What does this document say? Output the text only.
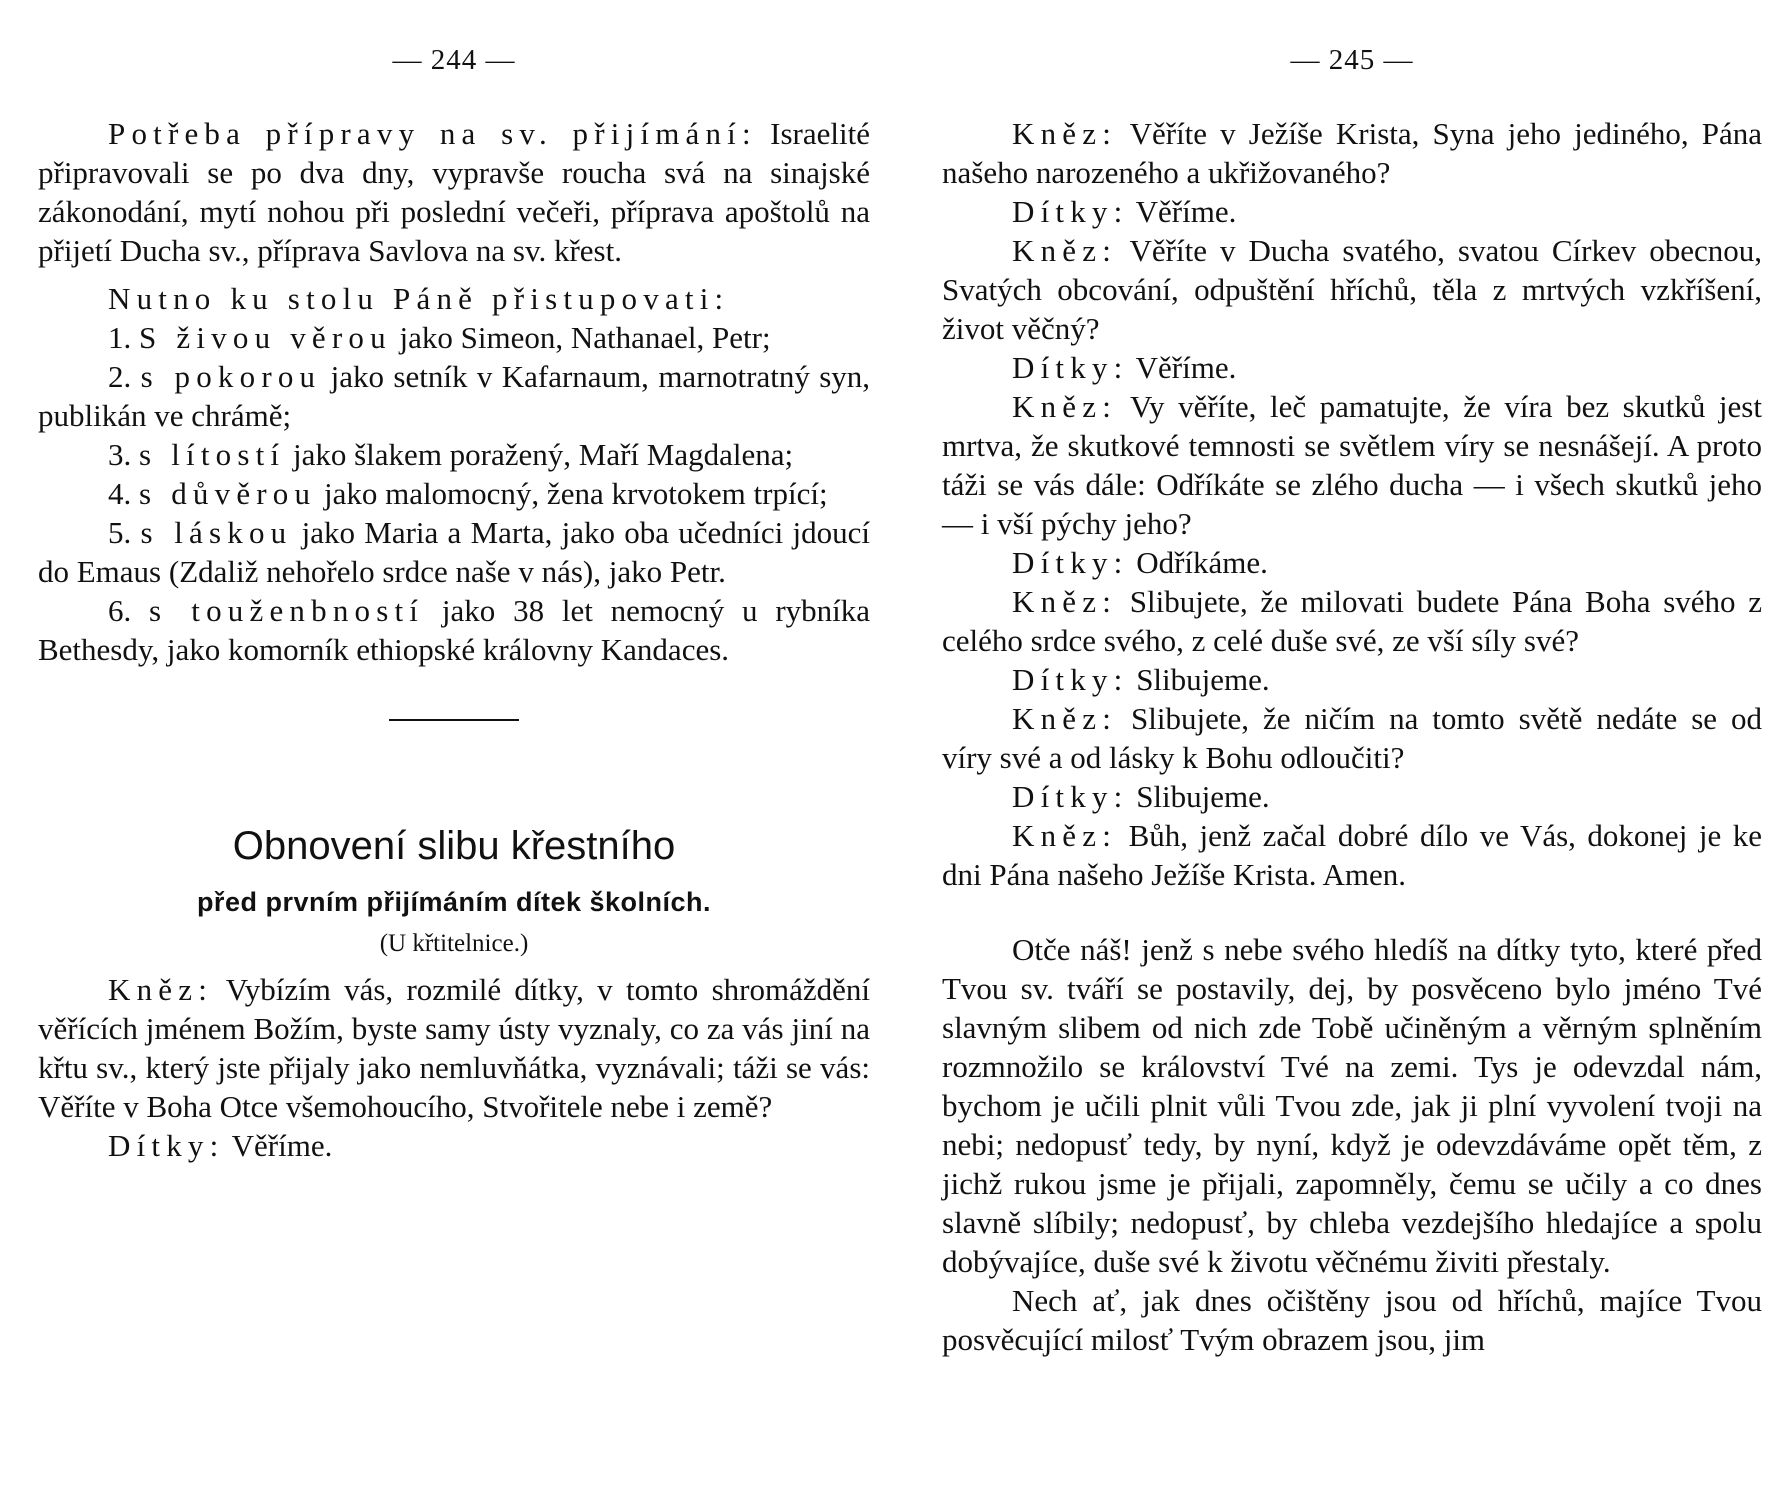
— 244 —

Potřeba přípravy na sv. přijímání: Israelité připravovali se po dva dny, vypravše roucha svá na sinajské zákonodání, mytí nohou při poslední večeři, příprava apoštolů na přijetí Ducha sv., příprava Savlova na sv. křest.

Nutno ku stolu Páně přistupovati:

1. S živou věrou jako Simeon, Nathanael, Petr;

2. s pokorou jako setník v Kafarnaum, marnotratný syn, publikán ve chrámě;

3. s lítostí jako šlakem poražený, Maří Magdalena;

4. s důvěrou jako malomocný, žena krvotokem trpící;

5. s láskou jako Maria a Marta, jako oba učedníci jdoucí do Emaus (Zdaliž nehořelo srdce naše v nás), jako Petr.

6. s touženbností jako 38 let nemocný u rybníka Bethesdy, jako komorník ethiopské královny Kandaces.

Obnovení slibu křestního
před prvním přijímáním dítek školních.
(U křtitelnice.)

Kněz: Vybízím vás, rozmilé dítky, v tomto shromáždění věřících jménem Božím, byste samy ústy vyznaly, co za vás jiní na křtu sv., který jste přijaly jako nemluvňátka, vyznávali; táži se vás: Věříte v Boha Otce všemohoucího, Stvořitele nebe i země?

Dítky: Věříme.

— 245 —

Kněz: Věříte v Ježíše Krista, Syna jeho jediného, Pána našeho narozeného a ukřižovaného?

Dítky: Věříme.

Kněz: Věříte v Ducha svatého, svatou Církev obecnou, Svatých obcování, odpuštění hříchů, těla z mrtvých vzkříšení, život věčný?

Dítky: Věříme.

Kněz: Vy věříte, leč pamatujte, že víra bez skutků jest mrtva, že skutkové temnosti se světlem víry se nesnášejí. A proto táži se vás dále: Odříkáte se zlého ducha — i všech skutků jeho — i vší pýchy jeho?

Dítky: Odříkáme.

Kněz: Slibujete, že milovati budete Pána Boha svého z celého srdce svého, z celé duše své, ze vší síly své?

Dítky: Slibujeme.

Kněz: Slibujete, že ničím na tomto světě nedáte se od víry své a od lásky k Bohu odloučiti?

Dítky: Slibujeme.

Kněz: Bůh, jenž začal dobré dílo ve Vás, dokonej je ke dni Pána našeho Ježíše Krista. Amen.

Otče náš! jenž s nebe svého hledíš na dítky tyto, které před Tvou sv. tváří se postavily, dej, by posvěceno bylo jméno Tvé slavným slibem od nich zde Tobě učiněným a věrným splněním rozmnožilo se království Tvé na zemi. Tys je odevzdal nám, bychom je učili plnit vůli Tvou zde, jak ji plní vyvolení tvoji na nebi; nedopusť tedy, by nyní, když je odevzdáváme opět těm, z jichž rukou jsme je přijali, zapomněly, čemu se učily a co dnes slavně slíbily; nedopusť, by chleba vezdejšího hledajíce a spolu dobývajíce, duše své k životu věčnému živiti přestaly.

Nech ať, jak dnes očištěny jsou od hříchů, majíce Tvou posvěcující milosť Tvým obrazem jsou, jim
